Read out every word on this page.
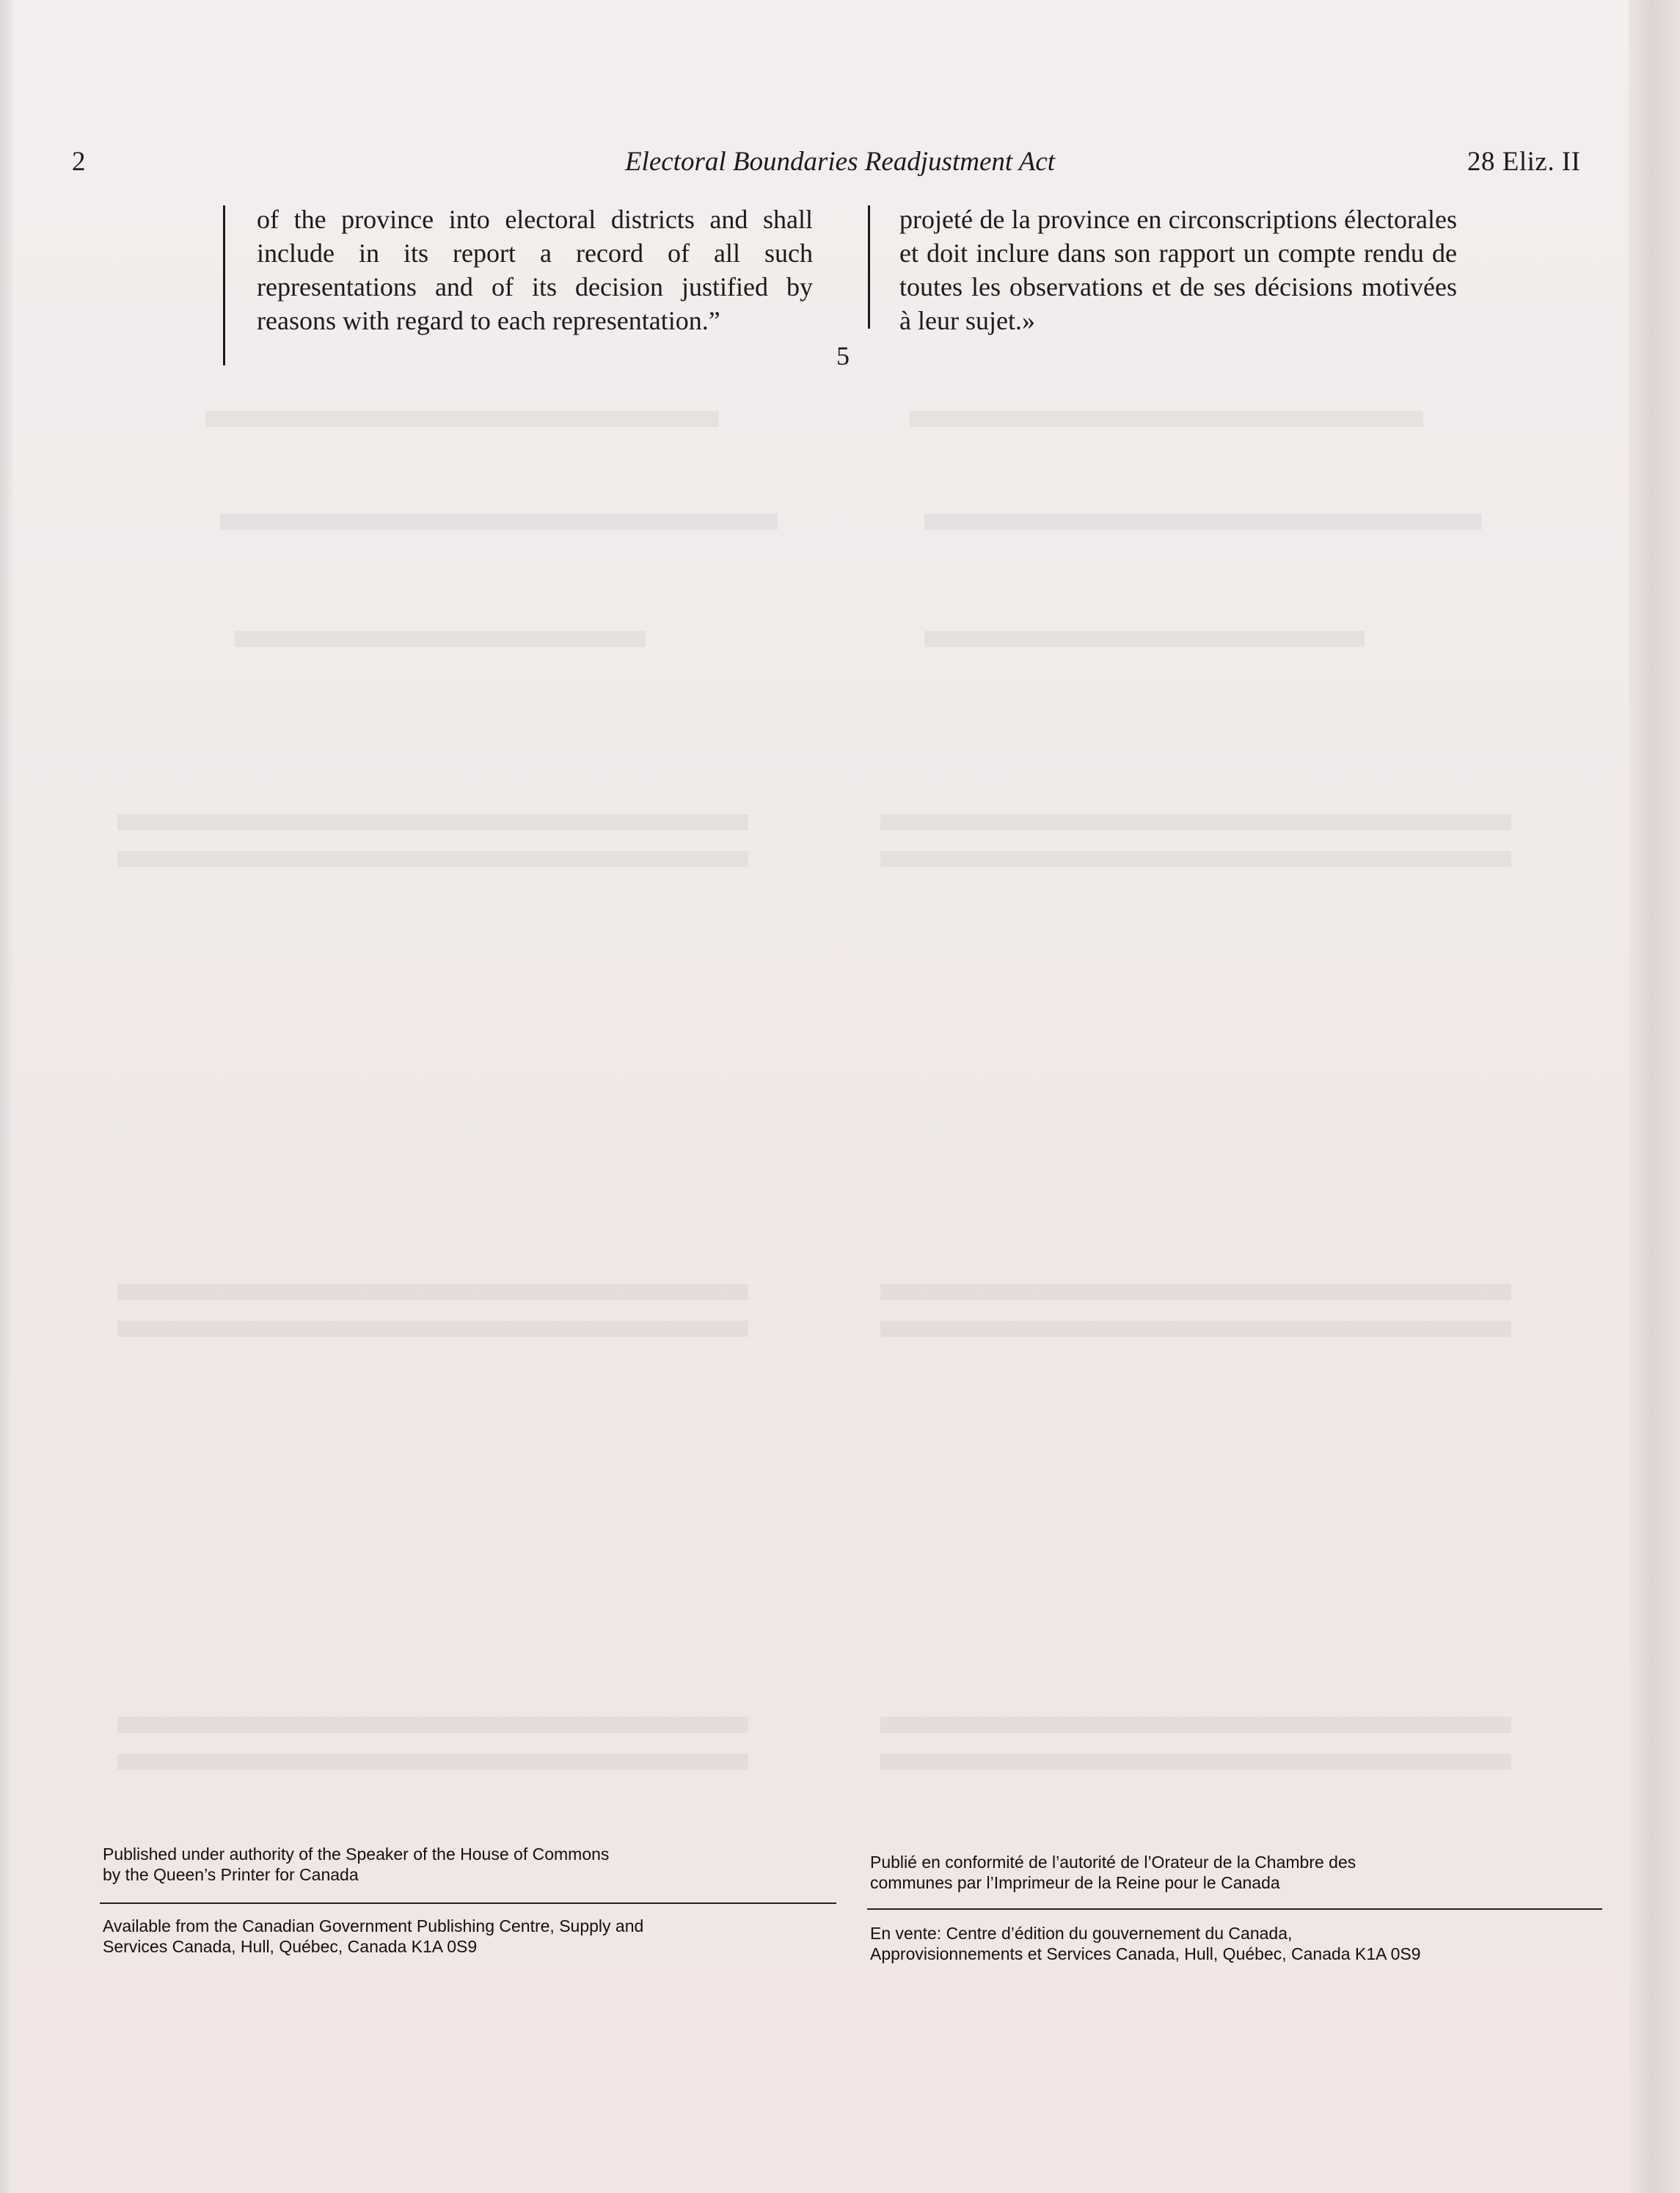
2	Electoral Boundaries Readjustment Act	28 Eliz. II

of the province into electoral districts and shall include in its report a record of all such representations and of its decision justified by reasons with regard to each representation.”

5

projeté de la province en circonscriptions électorales et doit inclure dans son rapport un compte rendu de toutes les observations et de ses décisions motivées à leur sujet.»

Published under authority of the Speaker of the House of Commons

by the Queen’s Printer for Canada

Publié en conformité de l’autorité de l’Orateur de la Chambre des

communes par l’Imprimeur de la Reine pour le Canada

Available from the Canadian Government Publishing Centre, Supply and

Services Canada, Hull, Québec, Canada K1A 0S9

En vente: Centre d’édition du gouvernement du Canada,

Approvisionnements et Services Canada, Hull, Québec, Canada K1A 0S9
